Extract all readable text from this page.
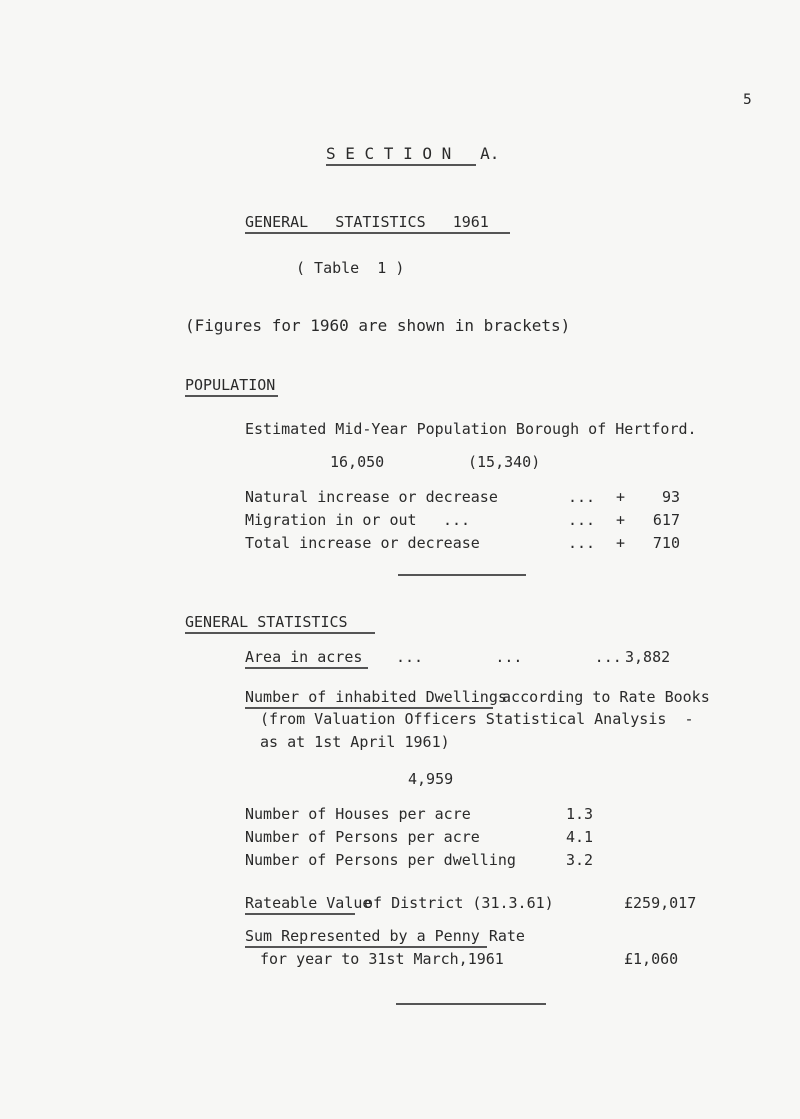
5
S E C T I O N   A.
GENERAL   STATISTICS   1961
( Table  1 )
(Figures for 1960 are shown in brackets)
POPULATION
Estimated Mid-Year Population Borough of Hertford.
16,050	(15,340)
Natural increase or decrease	... +	93
Migration in or out ...	... +	617
Total increase or decrease	... +	710
GENERAL STATISTICS
Area in acres ...        ...        ... 3,882
Number of inhabited Dwellings
according to Rate Books
(from Valuation Officers Statistical Analysis  -
as at 1st April 1961)
4,959
Number of Houses per acre	1.3
Number of Persons per acre	4.1
Number of Persons per dwelling	3.2
Rateable Value
of District (31.3.61)	£259,017
Sum Represented by a Penny Rate
for year to 31st March,1961	£1,060
